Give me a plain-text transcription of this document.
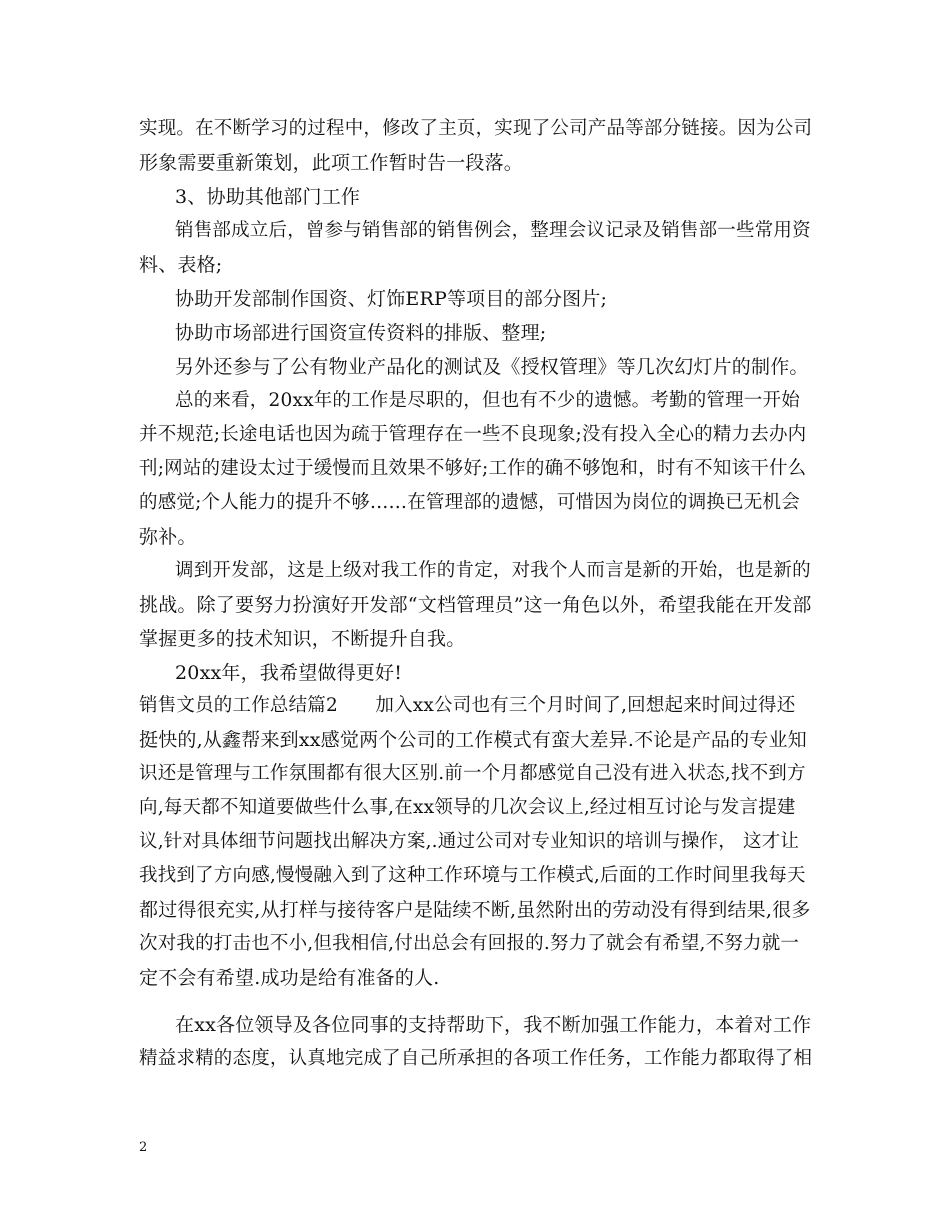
实现。在不断学习的过程中，修改了主页，实现了公司产品等部分链接。因为公司
形象需要重新策划，此项工作暂时告一段落。
3、协助其他部门工作
销售部成立后，曾参与销售部的销售例会，整理会议记录及销售部一些常用资
料、表格;
协助开发部制作国资、灯饰ERP等项目的部分图片;
协助市场部进行国资宣传资料的排版、整理;
另外还参与了公有物业产品化的测试及《授权管理》等几次幻灯片的制作。
总的来看，20xx年的工作是尽职的，但也有不少的遗憾。考勤的管理一开始
并不规范;长途电话也因为疏于管理存在一些不良现象;没有投入全心的精力去办内
刊;网站的建设太过于缓慢而且效果不够好;工作的确不够饱和，时有不知该干什么
的感觉;个人能力的提升不够……在管理部的遗憾，可惜因为岗位的调换已无机会
弥补。
调到开发部，这是上级对我工作的肯定，对我个人而言是新的开始，也是新的
挑战。除了要努力扮演好开发部“文档管理员”这一角色以外，希望我能在开发部
掌握更多的技术知识，不断提升自我。
20xx年，我希望做得更好!
销售文员的工作总结篇2　　加入xx公司也有三个月时间了,回想起来时间过得还
挺快的,从鑫帮来到xx感觉两个公司的工作模式有蛮大差异.不论是产品的专业知
识还是管理与工作氛围都有很大区别.前一个月都感觉自己没有进入状态,找不到方
向,每天都不知道要做些什么事,在xx领导的几次会议上,经过相互讨论与发言提建
议,针对具体细节问题找出解决方案,.通过公司对专业知识的培训与操作， 这才让
我找到了方向感,慢慢融入到了这种工作环境与工作模式,后面的工作时间里我每天
都过得很充实,从打样与接待客户是陆续不断,虽然附出的劳动没有得到结果,很多
次对我的打击也不小,但我相信,付出总会有回报的.努力了就会有希望,不努力就一
定不会有希望.成功是给有准备的人.
在xx各位领导及各位同事的支持帮助下，我不断加强工作能力，本着对工作
精益求精的态度，认真地完成了自己所承担的各项工作任务，工作能力都取得了相
2
